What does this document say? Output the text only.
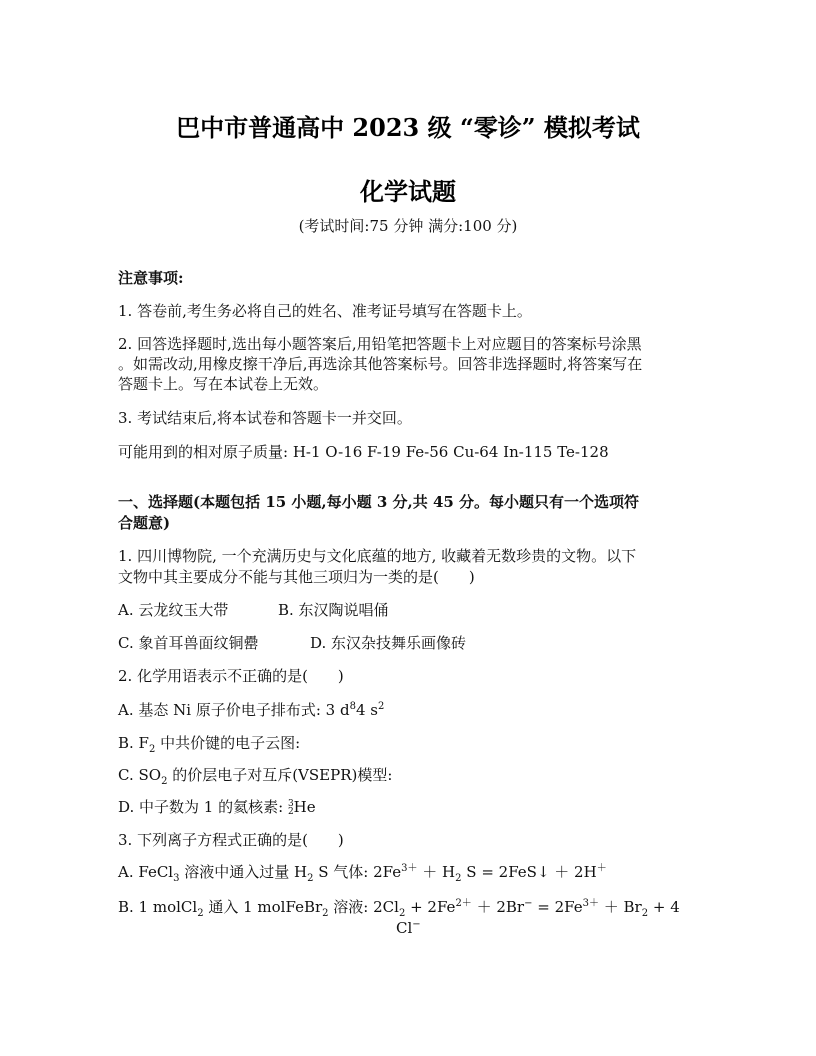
巴中市普通高中 2023 级 “零诊” 模拟考试
化学试题
(考试时间:75 分钟 满分:100 分)
注意事项:
1. 答卷前,考生务必将自己的姓名、准考证号填写在答题卡上。
2. 回答选择题时,选出每小题答案后,用铅笔把答题卡上对应题目的答案标号涂黑
。如需改动,用橡皮擦干净后,再选涂其他答案标号。回答非选择题时,将答案写在
答题卡上。写在本试卷上无效。
3. 考试结束后,将本试卷和答题卡一并交回。
可能用到的相对原子质量: H-1 O-16 F-19 Fe-56 Cu-64 In-115 Te-128
一、选择题(本题包括 15 小题,每小题 3 分,共 45 分。每小题只有一个选项符
合题意)
1. 四川博物院, 一个充满历史与文化底蕴的地方, 收藏着无数珍贵的文物。以下
文物中其主要成分不能与其他三项归为一类的是(　　)
A. 云龙纹玉大带	B. 东汉陶说唱俑
C. 象首耳兽面纹铜罍	D. 东汉杂技舞乐画像砖
2. 化学用语表示不正确的是(　　)
A. 基态 Ni 原子价电子排布式: 3 $d^84$ $s^2$
B. $F_2$ 中共价键的电子云图:
C. $SO_2$ 的价层电子对互斥(VSEPR)模型:
D. 中子数为 1 的氦核素: 3
2 He
3. 下列离子方程式正确的是(　　)
A. FeCl$_3$ 溶液中通入过量 $H_2$ S 气体: $2Fe^{3+} + H_2$ S = 2FeS↓ ＋ 2H＋
B. 1 molCl$_2$ 通入 1 molFeBr$_2$ 溶液: $2Cl_2 + 2Fe^{2+} + 2Br^- = 2Fe^{3+} + Br_2 + 4$
Cl−
